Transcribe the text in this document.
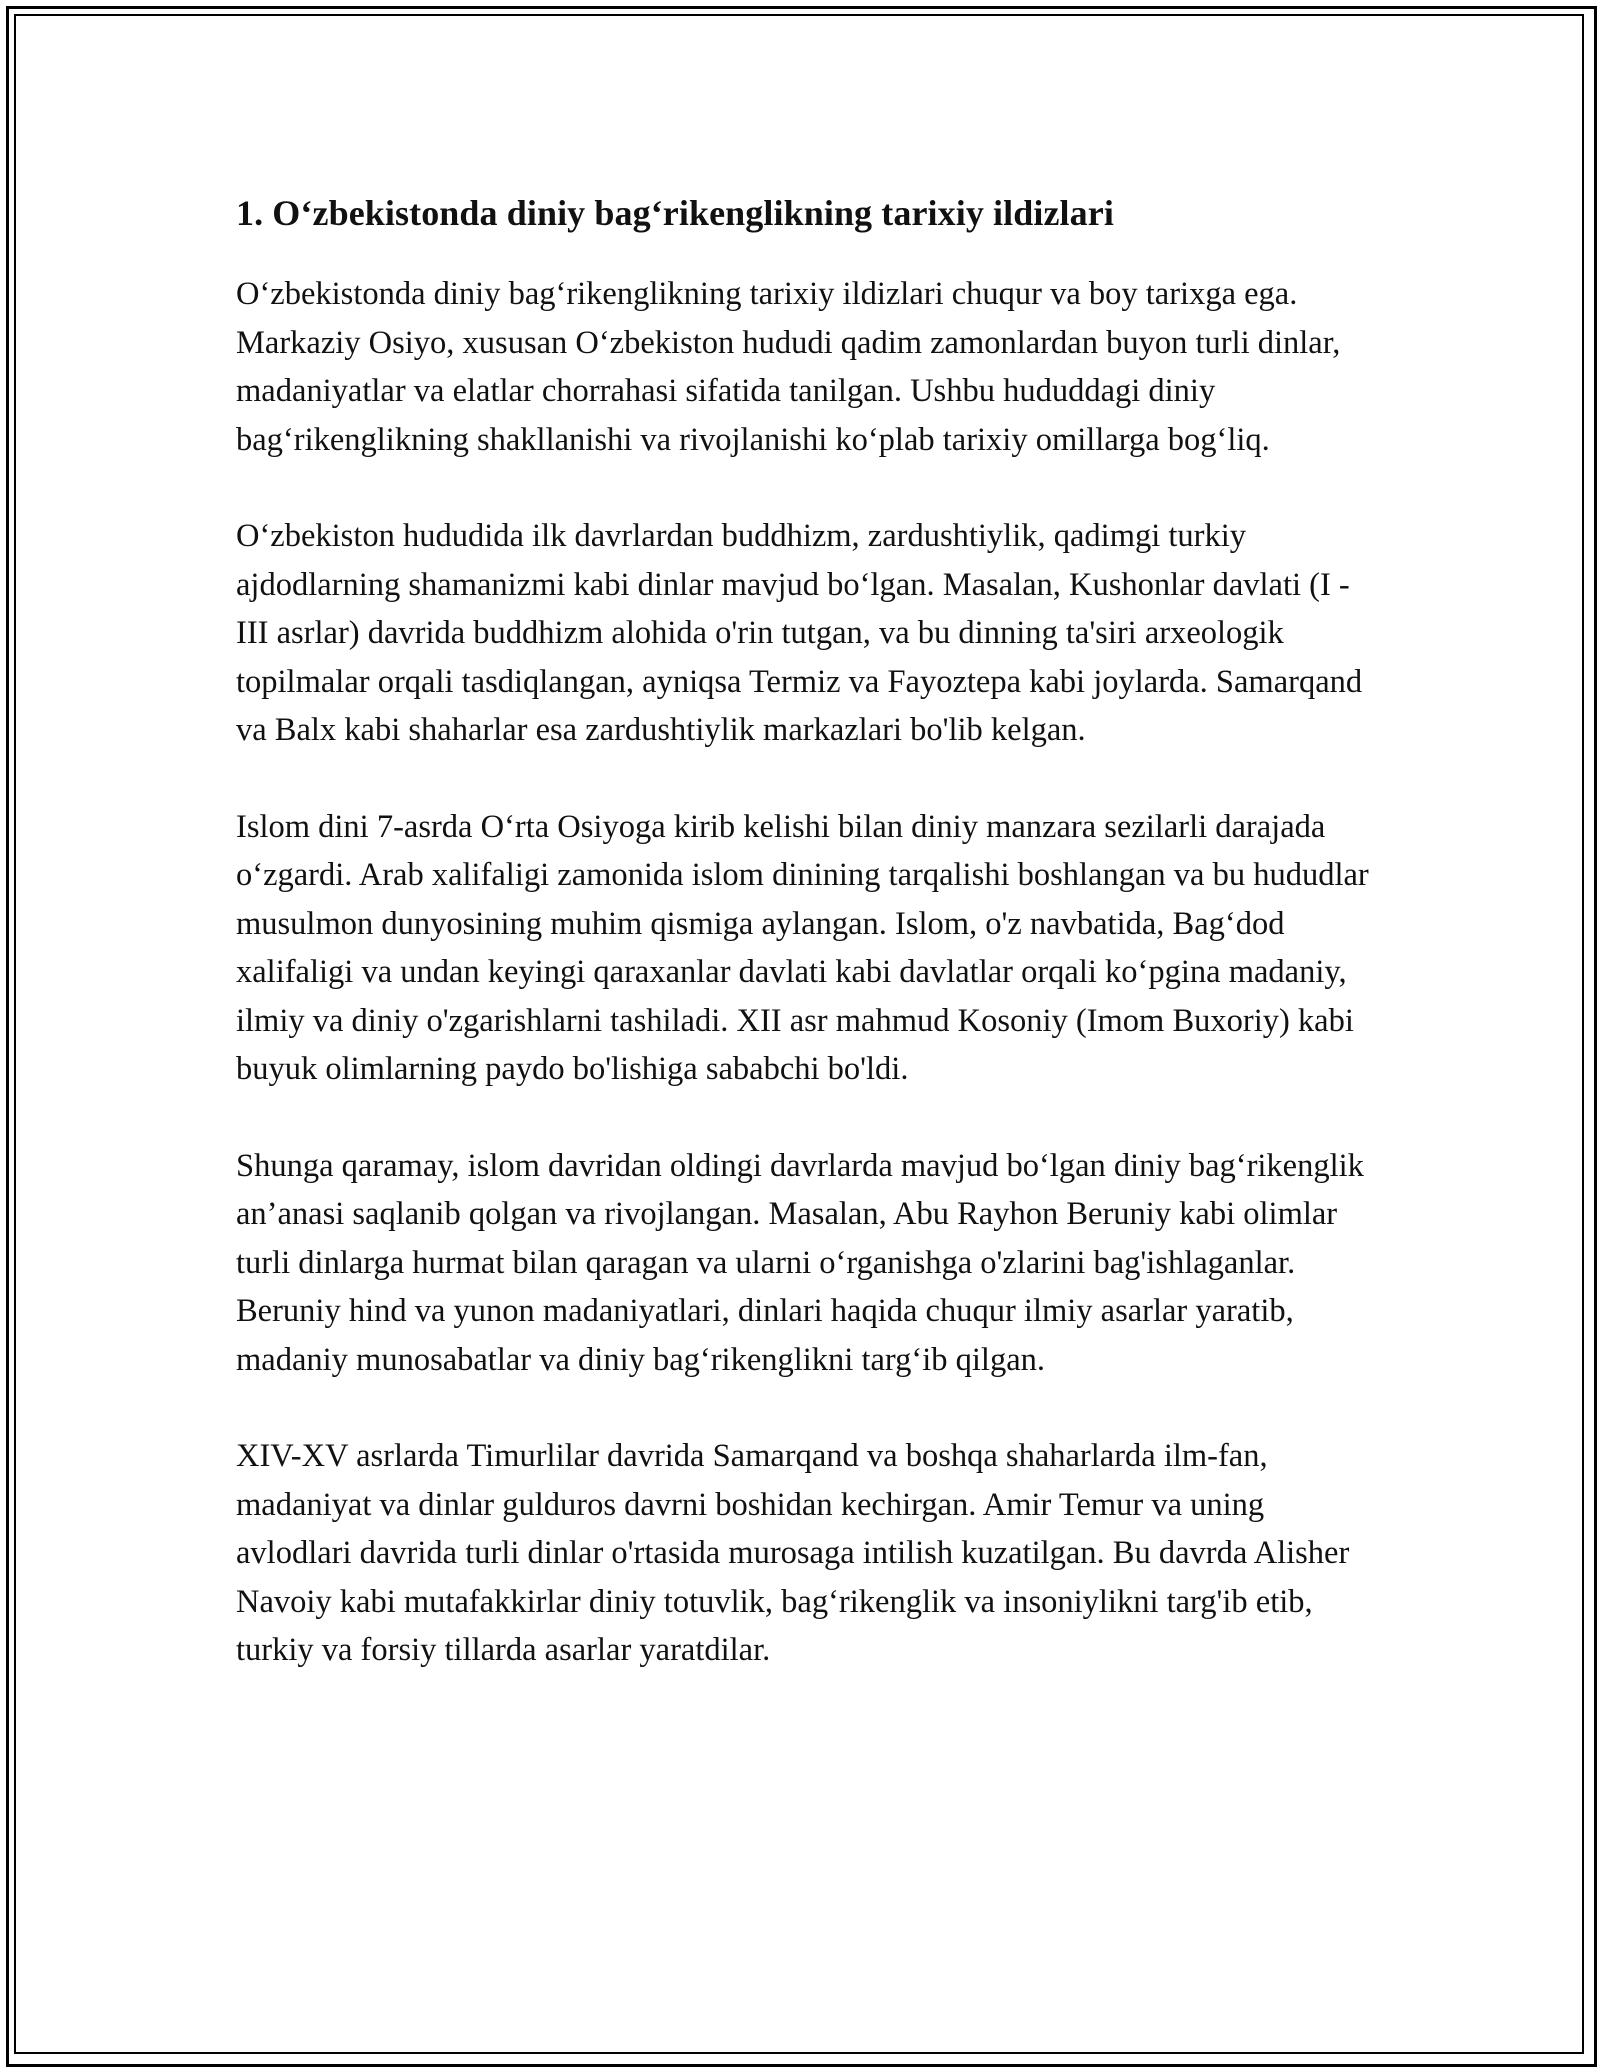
1. O‘zbekistonda diniy bag‘rikenglikning tarixiy ildizlari

O‘zbekistonda diniy bag‘rikenglikning tarixiy ildizlari chuqur va boy tarixga ega. Markaziy Osiyo, xususan O‘zbekiston hududi qadim zamonlardan buyon turli dinlar, madaniyatlar va elatlar chorrahasi sifatida tanilgan. Ushbu hududdagi diniy bag‘rikenglikning shakllanishi va rivojlanishi ko‘plab tarixiy omillarga bog‘liq.

O‘zbekiston hududida ilk davrlardan buddhizm, zardushtiylik, qadimgi turkiy ajdodlarning shamanizmi kabi dinlar mavjud bo‘lgan. Masalan, Kushonlar davlati (I - III asrlar) davrida buddhizm alohida o'rin tutgan, va bu dinning ta'siri arxeologik topilmalar orqali tasdiqlangan, ayniqsa Termiz va Fayoztepa kabi joylarda. Samarqand va Balx kabi shaharlar esa zardushtiylik markazlari bo'lib kelgan.

Islom dini 7-asrda O‘rta Osiyoga kirib kelishi bilan diniy manzara sezilarli darajada o‘zgardi. Arab xalifaligi zamonida islom dinining tarqalishi boshlangan va bu hududlar musulmon dunyosining muhim qismiga aylangan. Islom, o'z navbatida, Bag‘dod xalifaligi va undan keyingi qaraxanlar davlati kabi davlatlar orqali ko‘pgina madaniy, ilmiy va diniy o'zgarishlarni tashiladi. XII asr mahmud Kosoniy (Imom Buxoriy) kabi buyuk olimlarning paydo bo'lishiga sababchi bo'ldi.

Shunga qaramay, islom davridan oldingi davrlarda mavjud bo‘lgan diniy bag‘rikenglik an’anasi saqlanib qolgan va rivojlangan. Masalan, Abu Rayhon Beruniy kabi olimlar turli dinlarga hurmat bilan qaragan va ularni o‘rganishga o'zlarini bag'ishlaganlar. Beruniy hind va yunon madaniyatlari, dinlari haqida chuqur ilmiy asarlar yaratib, madaniy munosabatlar va diniy bag‘rikenglikni targ‘ib qilgan.

XIV-XV asrlarda Timurlilar davrida Samarqand va boshqa shaharlarda ilm-fan, madaniyat va dinlar gulduros davrni boshidan kechirgan. Amir Temur va uning avlodlari davrida turli dinlar o'rtasida murosaga intilish kuzatilgan. Bu davrda Alisher Navoiy kabi mutafakkirlar diniy totuvlik, bag‘rikenglik va insoniylikni targ'ib etib, turkiy va forsiy tillarda asarlar yaratdilar.
